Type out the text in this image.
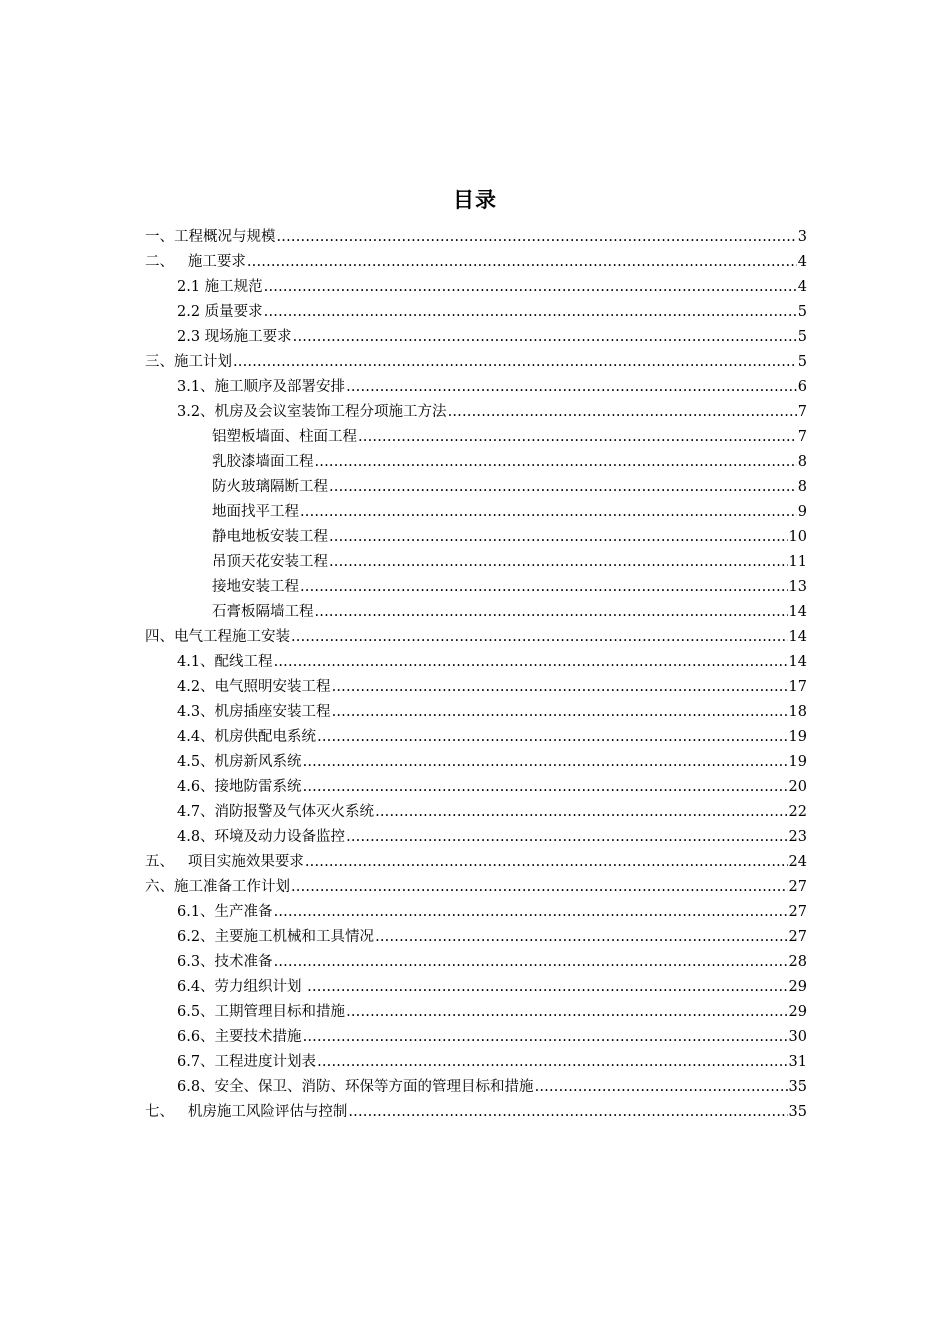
目录
一、工程概况与规模 .....	3
二、   施工要求 .....	4
2.1 施工规范 .....	4
2.2 质量要求 .....	5
2.3 现场施工要求 .....	5
三、施工计划 .....	5
3.1、施工顺序及部署安排 .....	6
3.2、机房及会议室装饰工程分项施工方法 .....	7
铝塑板墙面、柱面工程 .....	7
乳胶漆墙面工程 .....	8
防火玻璃隔断工程 .....	8
地面找平工程 .....	9
静电地板安装工程 .....	10
吊顶天花安装工程 .....	11
接地安装工程 .....	13
石膏板隔墙工程 .....	14
四、电气工程施工安装 .....	14
4.1、配线工程 .....	14
4.2、电气照明安装工程 .....	17
4.3、机房插座安装工程 .....	18
4.4、机房供配电系统 .....	19
4.5、机房新风系统 .....	19
4.6、接地防雷系统 .....	20
4.7、消防报警及气体灭火系统 .....	22
4.8、环境及动力设备监控 .....	23
五、   项目实施效果要求 .....	24
六、施工准备工作计划 .....	27
6.1、生产准备 .....	27
6.2、主要施工机械和工具情况 .....	27
6.3、技术准备 .....	28
6.4、劳力组织计划 .....	29
6.5、工期管理目标和措施 .....	29
6.6、主要技术措施 .....	30
6.7、工程进度计划表 .....	31
6.8、安全、保卫、消防、环保等方面的管理目标和措施 .....	35
七、   机房施工风险评估与控制 .....	35
